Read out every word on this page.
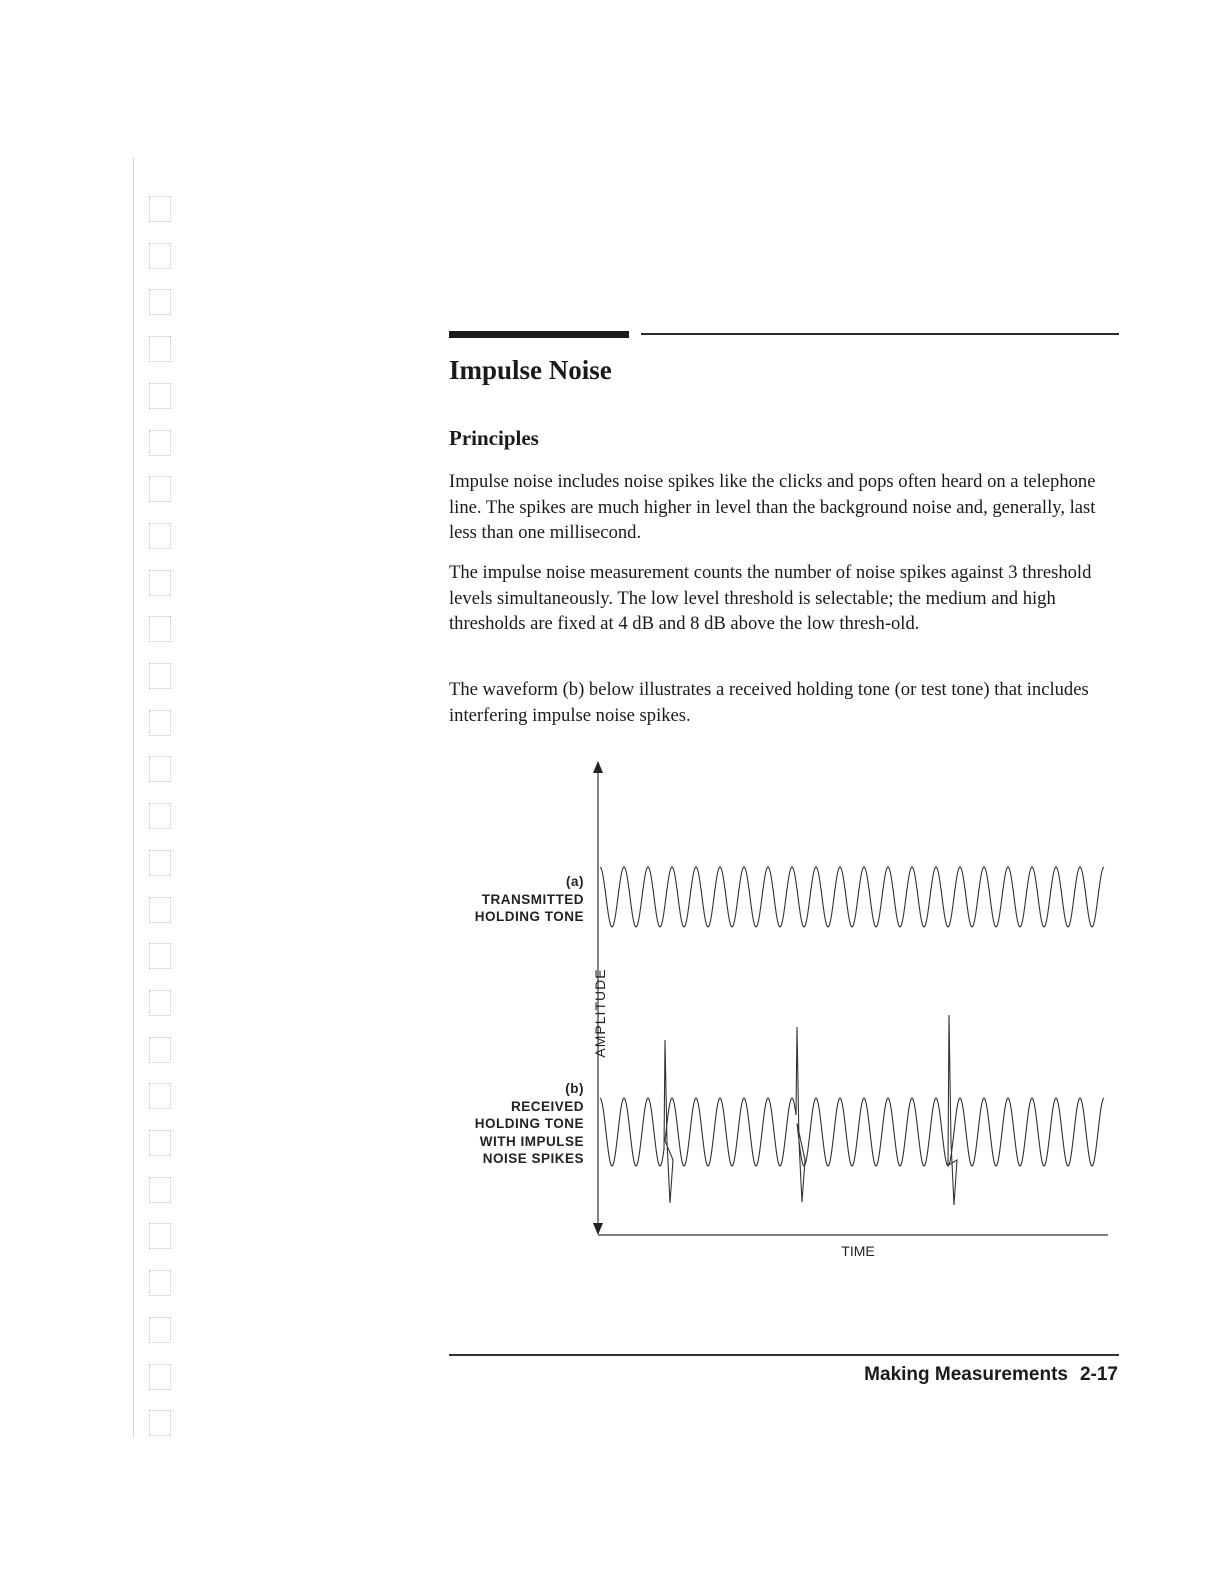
Impulse Noise
Principles

Impulse noise includes noise spikes like the clicks and pops often heard on a telephone line. The spikes are much higher in level than the background noise and, generally, last less than one millisecond.

The impulse noise measurement counts the number of noise spikes against 3 threshold levels simultaneously. The low level threshold is selectable; the medium and high thresholds are fixed at 4 dB and 8 dB above the low thresh-old.

The waveform (b) below illustrates a received holding tone (or test tone) that includes interfering impulse noise spikes.

(a)
TRANSMITTED
HOLDING TONE
(b)
RECEIVED
HOLDING TONE
WITH IMPULSE
NOISE SPIKES
AMPLITUDE
TIME
Making Measurements 2-17
